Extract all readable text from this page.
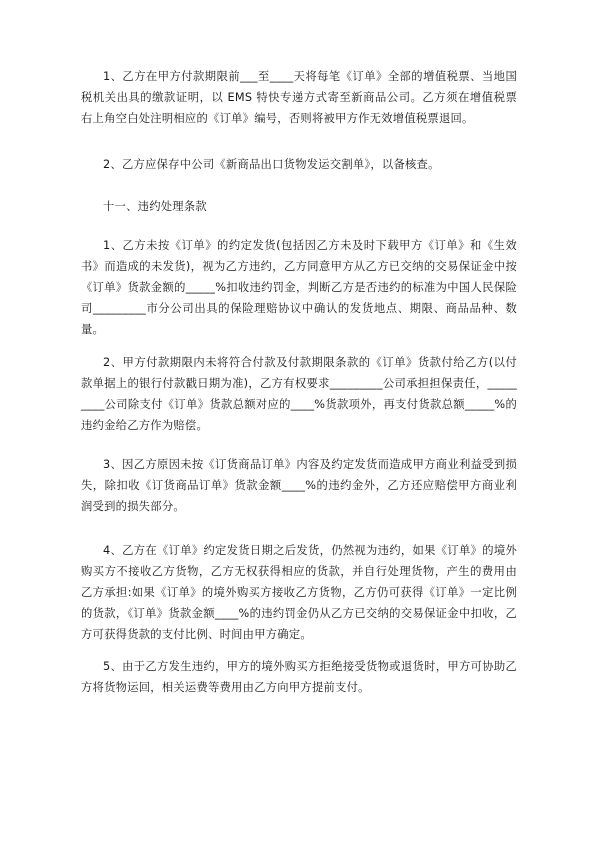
1、乙方在甲方付款期限前___至____天将每笔《订单》全部的增值税票、当地国税机关出具的缴款证明，以 EMS 特快专递方式寄至新商品公司。乙方须在增值税票右上角空白处注明相应的《订单》编号，否则将被甲方作无效增值税票退回。

2、乙方应保存中公司《新商品出口货物发运交割单》，以备核查。

十一、违约处理条款

1、乙方未按《订单》的约定发货(包括因乙方未及时下载甲方《订单》和《生效书》而造成的未发货)，视为乙方违约，乙方同意甲方从乙方已交纳的交易保证金中按《订单》货款金额的_____%扣收违约罚金，判断乙方是否违约的标准为中国人民保险司_________市分公司出具的保险理赔协议中确认的发货地点、期限、商品品种、数量。

2、甲方付款期限内未将符合付款及付款期限条款的《订单》货款付给乙方(以付款单据上的银行付款戳日期为准)，乙方有权要求_________公司承担担保责任，_________公司除支付《订单》货款总额对应的____%货款项外，再支付货款总额_____%的违约金给乙方作为赔偿。

3、因乙方原因未按《订货商品订单》内容及约定发货而造成甲方商业利益受到损失，除扣收《订货商品订单》货款金额____%的违约金外，乙方还应赔偿甲方商业利润受到的损失部分。

4、乙方在《订单》约定发货日期之后发货，仍然视为违约，如果《订单》的境外购买方不接收乙方货物，乙方无权获得相应的货款，并自行处理货物，产生的费用由乙方承担:如果《订单》的境外购买方接收乙方货物，乙方仍可获得《订单》一定比例的货款，《订单》货款金额____%的违约罚金仍从乙方已交纳的交易保证金中扣收，乙方可获得货款的支付比例、时间由甲方确定。

5、由于乙方发生违约，甲方的境外购买方拒绝接受货物或退货时，甲方可协助乙方将货物运回，相关运费等费用由乙方向甲方提前支付。
